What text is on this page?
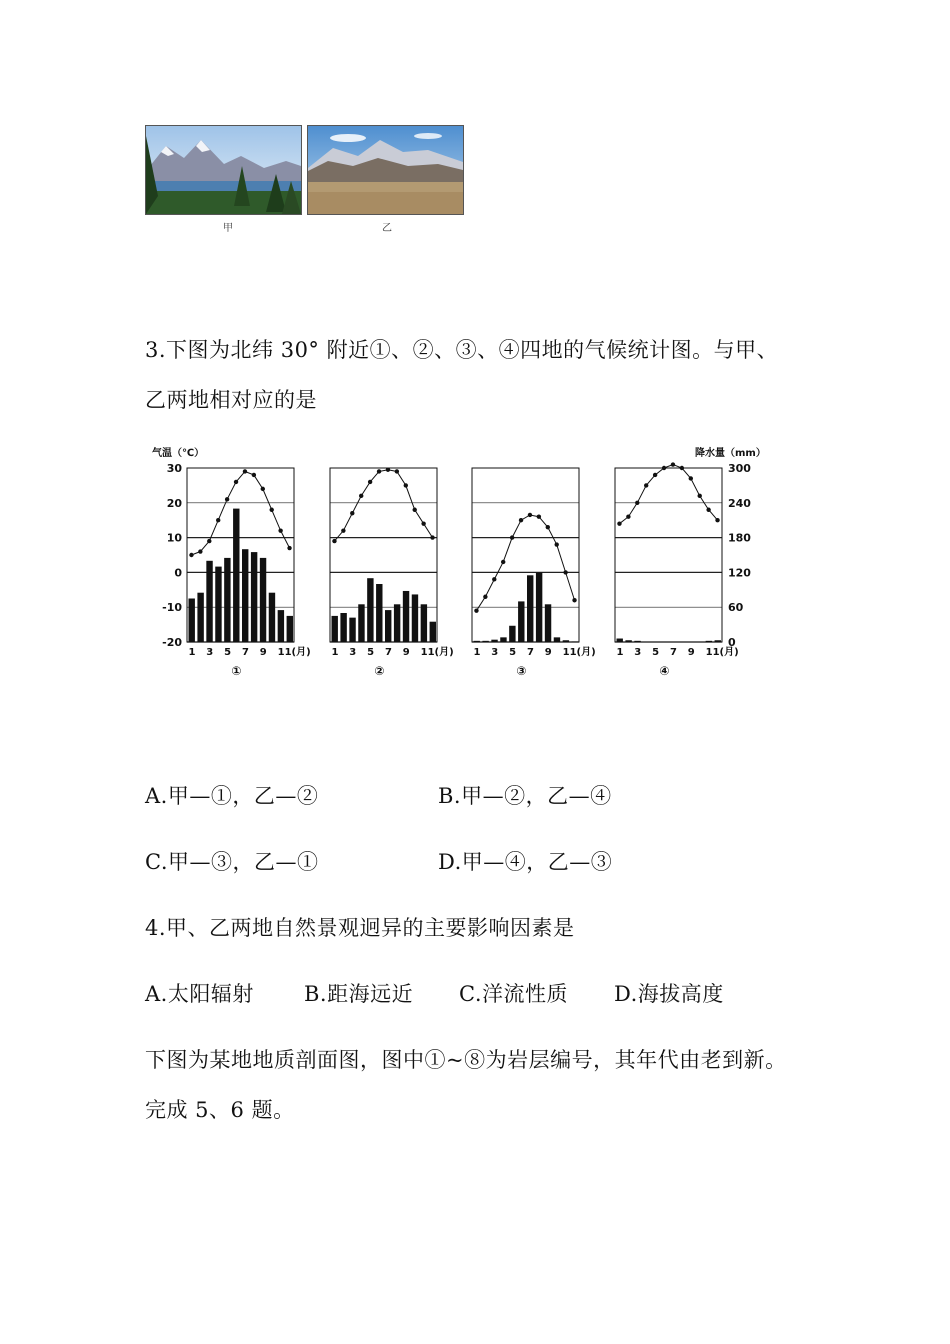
甲	乙
3.下图为北纬 30° 附近①、②、③、④四地的气候统计图。与甲、
乙两地相对应的是
气温（℃）	降水量（mm）
30
20
10
0
-10
-20
300
240
180
120
60
0
1 3 5 7 9 11(月)
①
1 3 5 7 9 11(月)
②
1 3 5 7 9 11(月)
③
1 3 5 7 9 11(月)
④
A.甲—①，乙—②	B.甲—②，乙—④
C.甲—③，乙—①	D.甲—④，乙—③
4.甲、乙两地自然景观迥异的主要影响因素是
A.太阳辐射 B.距海远近 C.洋流性质 D.海拔高度
下图为某地地质剖面图，图中①~⑧为岩层编号，其年代由老到新。
完成 5、6 题。
